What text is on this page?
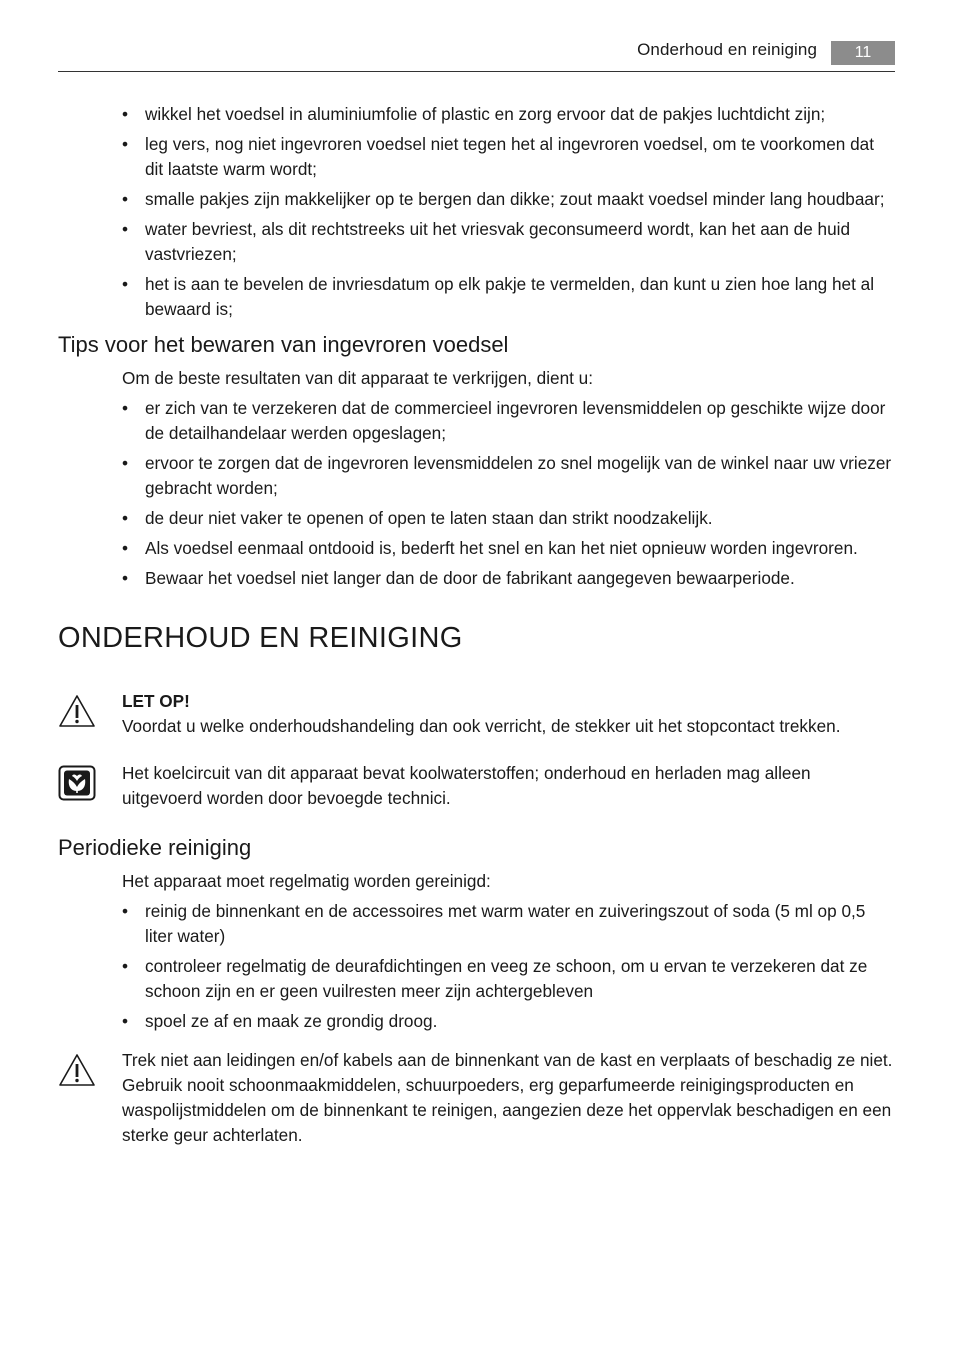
Onderhoud en reiniging	11
• wikkel het voedsel in aluminiumfolie of plastic en zorg ervoor dat de pakjes luchtdicht zijn;
• leg vers, nog niet ingevroren voedsel niet tegen het al ingevroren voedsel, om te voorkomen dat dit laatste warm wordt;
• smalle pakjes zijn makkelijker op te bergen dan dikke; zout maakt voedsel minder lang houdbaar;
• water bevriest, als dit rechtstreeks uit het vriesvak geconsumeerd wordt, kan het aan de huid vastvriezen;
• het is aan te bevelen de invriesdatum op elk pakje te vermelden, dan kunt u zien hoe lang het al bewaard is;
Tips voor het bewaren van ingevroren voedsel
Om de beste resultaten van dit apparaat te verkrijgen, dient u:
• er zich van te verzekeren dat de commercieel ingevroren levensmiddelen op geschikte wijze door de detailhandelaar werden opgeslagen;
• ervoor te zorgen dat de ingevroren levensmiddelen zo snel mogelijk van de winkel naar uw vriezer gebracht worden;
• de deur niet vaker te openen of open te laten staan dan strikt noodzakelijk.
• Als voedsel eenmaal ontdooid is, bederft het snel en kan het niet opnieuw worden ingevroren.
• Bewaar het voedsel niet langer dan de door de fabrikant aangegeven bewaarperiode.
ONDERHOUD EN REINIGING
LET OP!
Voordat u welke onderhoudshandeling dan ook verricht, de stekker uit het stopcontact trekken.
Het koelcircuit van dit apparaat bevat koolwaterstoffen; onderhoud en herladen mag alleen uitgevoerd worden door bevoegde technici.
Periodieke reiniging
Het apparaat moet regelmatig worden gereinigd:
• reinig de binnenkant en de accessoires met warm water en zuiveringszout of soda (5 ml op 0,5 liter water)
• controleer regelmatig de deurafdichtingen en veeg ze schoon, om u ervan te verzekeren dat ze schoon zijn en er geen vuilresten meer zijn achtergebleven
• spoel ze af en maak ze grondig droog.
Trek niet aan leidingen en/of kabels aan de binnenkant van de kast en verplaats of beschadig ze niet.
Gebruik nooit schoonmaakmiddelen, schuurpoeders, erg geparfumeerde reinigingsproducten en waspolijstmiddelen om de binnenkant te reinigen, aangezien deze het oppervlak beschadigen en een sterke geur achterlaten.
